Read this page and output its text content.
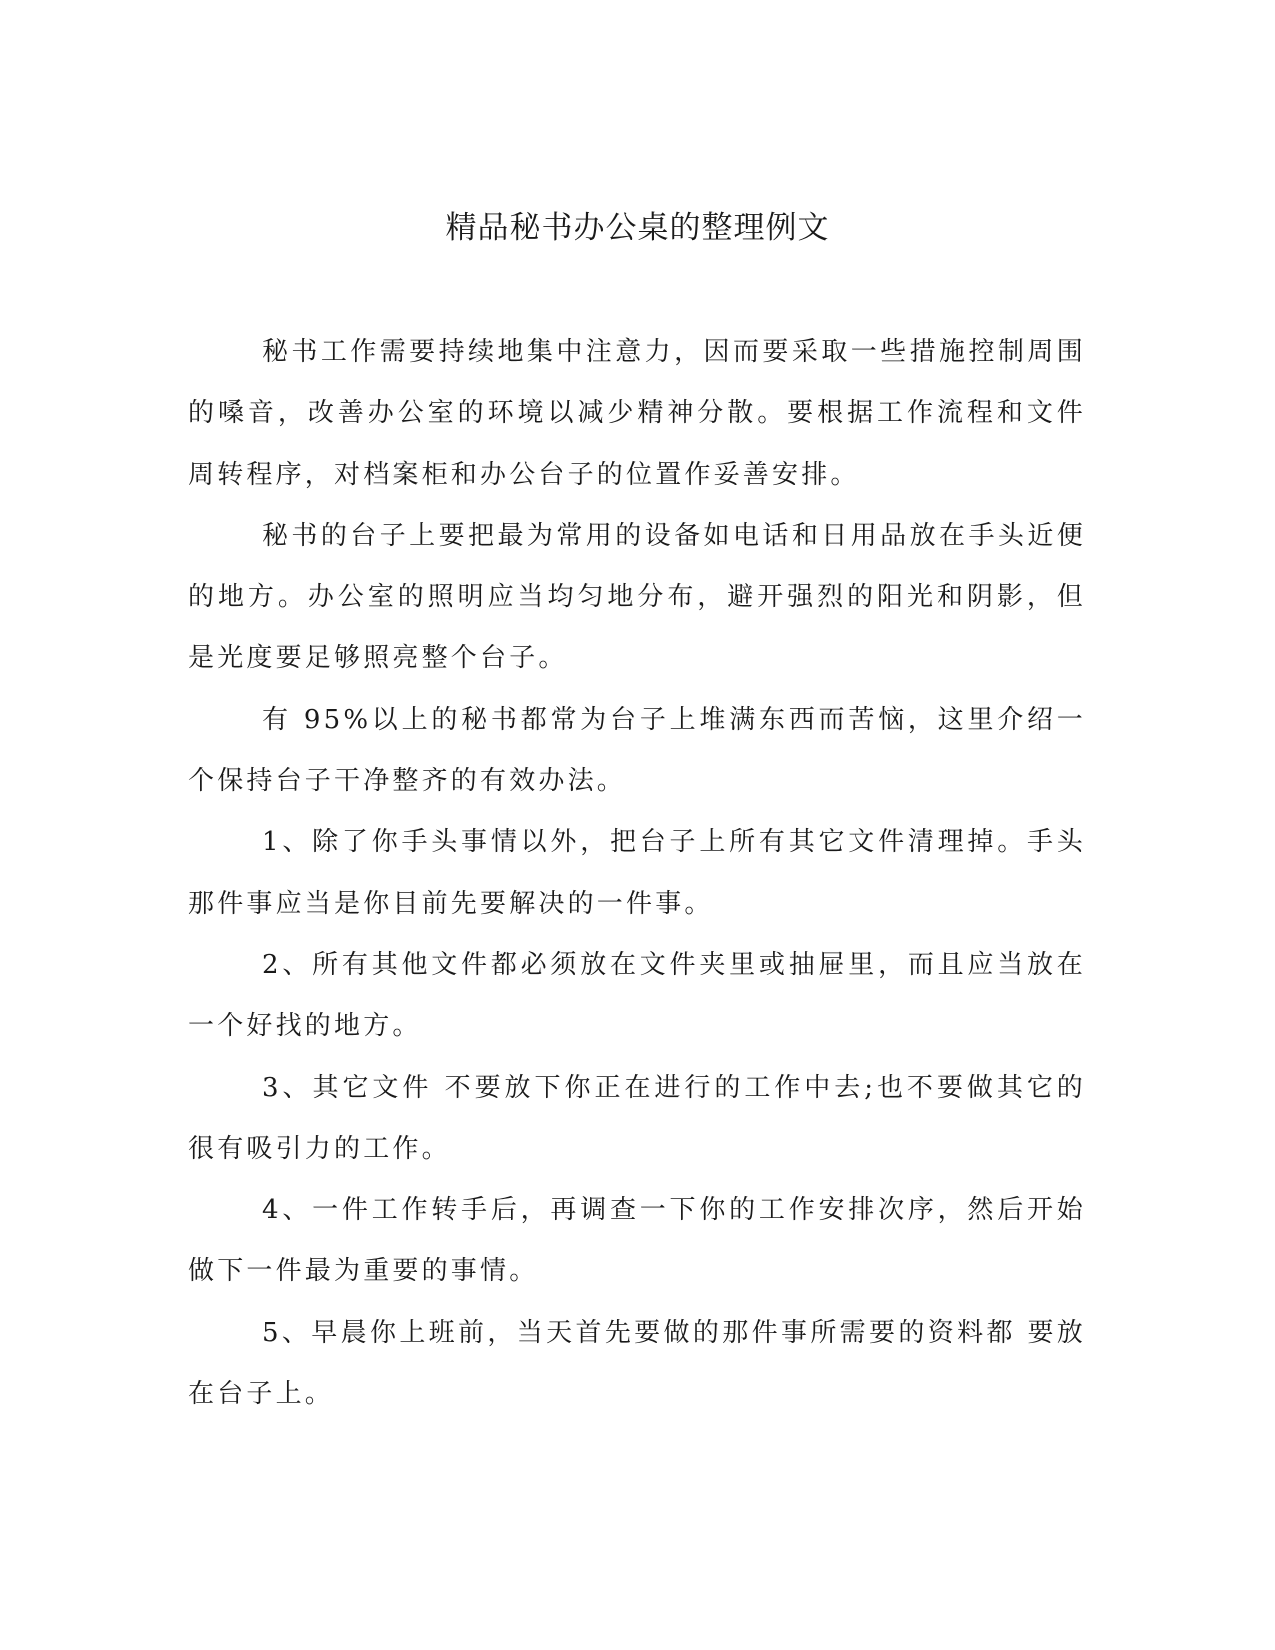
精品秘书办公桌的整理例文

秘书工作需要持续地集中注意力，因而要采取一些措施控制周围的嗓音，改善办公室的环境以减少精神分散。要根据工作流程和文件周转程序，对档案柜和办公台子的位置作妥善安排。

秘书的台子上要把最为常用的设备如电话和日用品放在手头近便的地方。办公室的照明应当均匀地分布，避开强烈的阳光和阴影，但是光度要足够照亮整个台子。

有 95%以上的秘书都常为台子上堆满东西而苦恼，这里介绍一个保持台子干净整齐的有效办法。

1、除了你手头事情以外，把台子上所有其它文件清理掉。手头那件事应当是你目前先要解决的一件事。

2、所有其他文件都必须放在文件夹里或抽屉里，而且应当放在一个好找的地方。

3、其它文件 不要放下你正在进行的工作中去;也不要做其它的很有吸引力的工作。

4、一件工作转手后，再调查一下你的工作安排次序，然后开始做下一件最为重要的事情。

5、早晨你上班前，当天首先要做的那件事所需要的资料都 要放在台子上。
